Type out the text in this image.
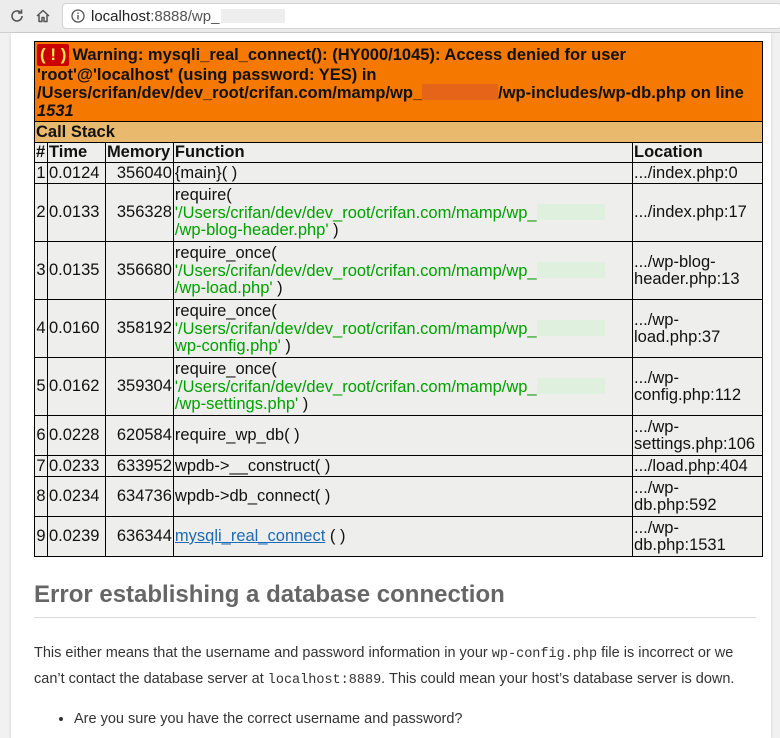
localhost :8888/wp_
( ! ) Warning: mysqli_real_connect(): (HY000/1045): Access denied for user 'root'@'localhost' (using password: YES) in /Users/crifan/dev/dev_root/crifan.com/mamp/wp_ /wp-includes/wp-db.php on line 1531				
Call Stack				
#	Time	Memory	Function	Location
1	0.0124	356040	{main}( )	.../index.php:0
2	0.0133	356328	require(
'/Users/crifan/dev/dev_root/crifan.com/mamp/wp_/wp-blog-header.php' )	.../index.php:17
3	0.0135	356680	require_once(
'/Users/crifan/dev/dev_root/crifan.com/mamp/wp_/wp-load.php' )	.../wp-blog-header.php:13
4	0.0160	358192	require_once(
'/Users/crifan/dev/dev_root/crifan.com/mamp/wp_wp-config.php' )	.../wp-load.php:37
5	0.0162	359304	require_once(
'/Users/crifan/dev/dev_root/crifan.com/mamp/wp_/wp-settings.php' )	.../wp-config.php:112
6	0.0228	620584	require_wp_db( )	.../wp-settings.php:106
7	0.0233	633952	wpdb->__construct( )	.../load.php:404
8	0.0234	634736	wpdb->db_connect( )	.../wp-db.php:592
9	0.0239	636344	mysqli_real_connect ( )	.../wp-db.php:1531
Error establishing a database connection

This either means that the username and password information in your wp-config.php file is incorrect or we can’t contact the database server at localhost:8889. This could mean your host’s database server is down.

• Are you sure you have the correct username and password?
